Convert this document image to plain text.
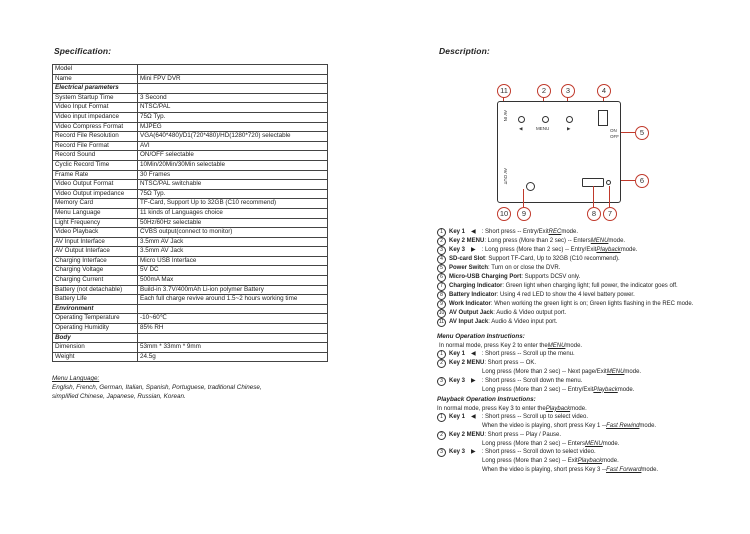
Specification:
Model	
Name	Mini FPV DVR
Electrical parameters	
System Startup Time	3 Second
Video Input Format	NTSC/PAL
Video input impedance	75Ω Typ.
Video Compress Format	MJPEG
Record File Resolution	VGA(640*480)/D1(720*480)/HD(1280*720) selectable
Record File Format	AVI
Record Sound	ON/OFF selectable
Cyclic Record Time	10Min/20Min/30Min selectable
Frame Rate	30 Frames
Video Output Format	NTSC/PAL switchable
Video Output impedance	75Ω Typ.
Memory Card	TF-Card, Support Up to 32GB (C10 recommend)
Menu Language	11 kinds of Languages choice
Light Frequency	50Hz/60Hz selectable
Video Playback	CVBS output(connect to monitor)
AV Input Interface	3.5mm AV Jack
AV Output Interface	3.5mm AV Jack
Charging Interface	Micro USB Interface
Charging Voltage	5V DC
Charging Current	500mA Max
Battery (not detachable)	Build-in 3.7V/400mAh Li-ion polymer Battery
Battery Life	Each full charge revive around 1.5~2 hours working time
Environment	
Operating Temperature	-10~60℃
Operating Humidity	85% RH
Body	
Dimension	53mm * 33mm * 9mm
Weight	24.5g
Menu Language:
English, French, German, Italian, Spanish, Portuguese, traditional Chinese,
simplified Chinese, Japanese, Russian, Korean.
Description:
11	2	3	4
AV IN
AV OUT
◀	MENU	▶	ON
OFF	5
6
10	9	8	7
1	Key 1 ◀ : Short press -- Entry/Exit REC mode.
2	Key 2 MENU : Long press (More than 2 sec) -- Enters MENU mode.
3	Key 3 ▶ : Long press (More than 2 sec) -- Entry/Exit Playback mode.
4	SD-card Slot : Support TF-Card, Up to 32GB (C10 recommend).
5	Power Switch : Turn on or close the DVR.
6	Micro-USB Charging Port : Supports DC5V only.
7	Charging Indicator : Green light when charging light; full power, the indicator goes off.
8	Battery Indicator : Using 4 red LED to show the 4 level battery power.
9	Work Indicator : When working the green light is on; Green lights flashing in the REC mode.
10 AV Output Jack : Audio & Video output port.
11 AV Input Jack : Audio & Video input port.
Menu Operation Instructions:
In normal mode, press Key 2 to enter the MENU mode.
1	Key 1 ◀ : Short press -- Scroll up the menu.
2	Key 2 MENU : Short press -- OK.
Long press (More than 2 sec) -- Next page/Exit MENU mode.
3	Key 3 ▶ : Short press -- Scroll down the menu.
Long press (More than 2 sec) -- Entry/Exit Playback mode.
Playback Operation Instructions:
In normal mode, press Key 3 to enter the Playback mode.
1	Key 1 ◀ : Short press -- Scroll up to select video.
When the video is playing, short press Key 1 -- Fast Rewind mode.
2	Key 2 MENU : Short press -- Play / Pause.
Long press (More than 2 sec) -- Enters MENU mode.
3	Key 3 ▶ : Short press -- Scroll down to select video.
Long press (More than 2 sec) -- Exit Playback mode.
When the video is playing, short press Key 3 -- Fast Forward mode.
